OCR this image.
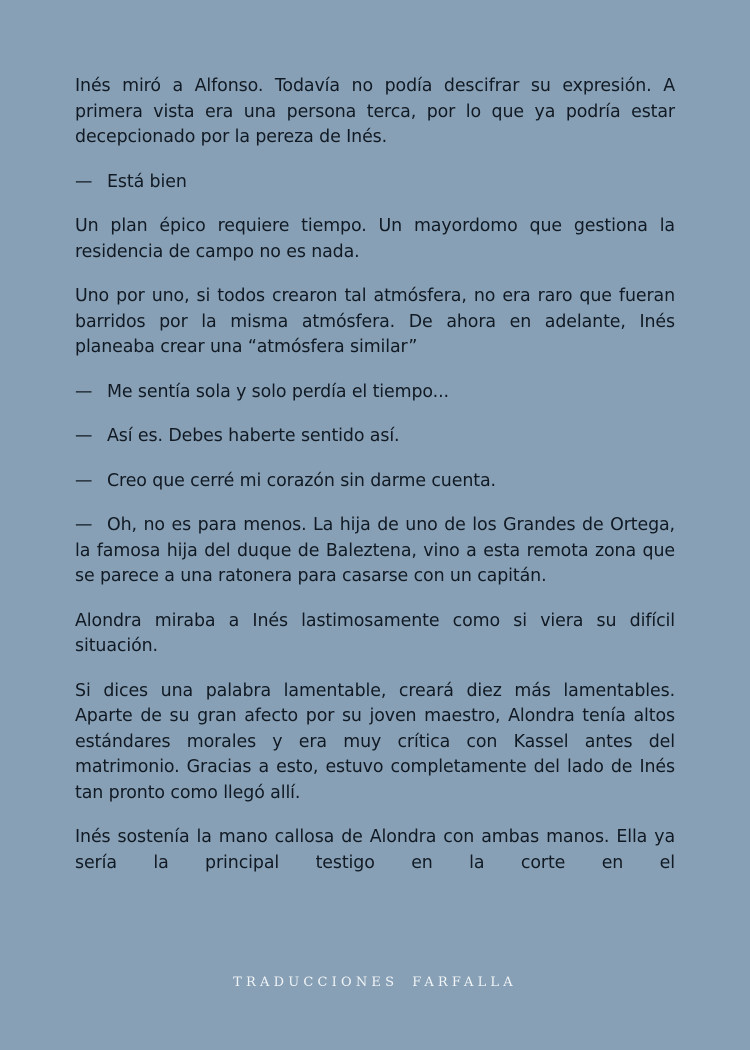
Inés miró a Alfonso. Todavía no podía descifrar su expresión. A primera vista era una persona terca, por lo que ya podría estar decepcionado por la pereza de Inés.

— Está bien

Un plan épico requiere tiempo. Un mayordomo que gestiona la residencia de campo no es nada.

Uno por uno, si todos crearon tal atmósfera, no era raro que fueran barridos por la misma atmósfera. De ahora en adelante, Inés planeaba crear una “atmósfera similar”

— Me sentía sola y solo perdía el tiempo...

— Así es. Debes haberte sentido así.

— Creo que cerré mi corazón sin darme cuenta.

— Oh, no es para menos. La hija de uno de los Grandes de Ortega, la famosa hija del duque de Baleztena, vino a esta remota zona que se parece a una ratonera para casarse con un capitán.

Alondra miraba a Inés lastimosamente como si viera su difícil situación.

Si dices una palabra lamentable, creará diez más lamentables. Aparte de su gran afecto por su joven maestro, Alondra tenía altos estándares morales y era muy crítica con Kassel antes del matrimonio. Gracias a esto, estuvo completamente del lado de Inés tan pronto como llegó allí.

Inés sostenía la mano callosa de Alondra con ambas manos. Ella ya sería la principal testigo en la corte en el

TRADUCCIONES FARFALLA
